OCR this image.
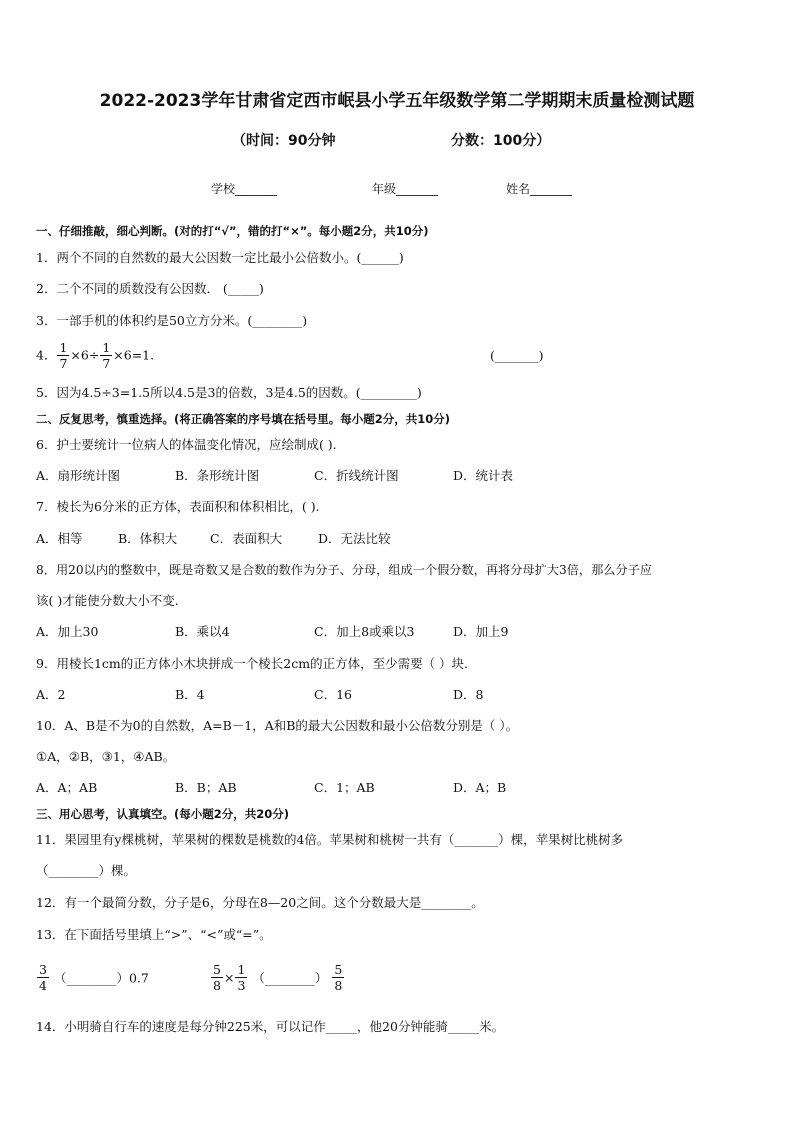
2022-2023学年甘肃省定西市岷县小学五年级数学第二学期期末质量检测试题
（时间：90分钟	分数：100分）
学校_______	年级_______	姓名_______
一、仔细推敲，细心判断。(对的打“√”，错的打“×”。每小题2分，共10分)
1．两个不同的自然数的最大公因数一定比最小公倍数小。(______)
2．二个不同的质数没有公因数． (_____)
3．一部手机的体积约是50立方分米。(________)
4． $\frac{1}{7} \times 6\div \frac{1}{7} \times 6=1$.	(_______)
5．因为4.5÷3=1.5所以4.5是3的倍数，3是4.5的因数。(_________)
二、反复思考，慎重选择。(将正确答案的序号填在括号里。每小题2分，共10分)
6．护士要统计一位病人的体温变化情况，应绘制成( ).
A．扇形统计图	B．条形统计图	C．折线统计图	D．统计表
7．棱长为6分米的正方体，表面积和体积相比，( ).
A．相等	B．体积大	C．表面积大	D．无法比较
8．用20以内的整数中，既是奇数又是合数的数作为分子、分母，组成一个假分数，再将分母扩大3倍，那么分子应
该( )才能使分数大小不变.
A．加上30	B．乘以4	C．加上8或乘以3	D．加上9
9．用棱长1cm的正方体小木块拼成一个棱长2cm的正方体，至少需要（ ）块.
A．2	B．4	C．16	D．8
10．A、B是不为0的自然数，A=B－1，A和B的最大公因数和最小公倍数分别是（ ）。
①A，②B，③1，④AB。
A．A；AB	B．B；AB	C．1；AB	D．A；B
三、用心思考，认真填空。(每小题2分，共20分)
11．果园里有y棵桃树，苹果树的棵数是桃数的4倍。苹果树和桃树一共有（_______）棵，苹果树比桃树多
（________）棵。
12．有一个最简分数，分子是6，分母在8—20之间。这个分数最大是________。
13．在下面括号里填上“>”、“<”或“=”。
$\frac{3}{4}$ （________）0.7	$\frac{5}{8} \times \frac{1}{3}$ （________） $\frac{5}{8}$
14．小明骑自行车的速度是每分钟225米，可以记作_____，他20分钟能骑_____米。
